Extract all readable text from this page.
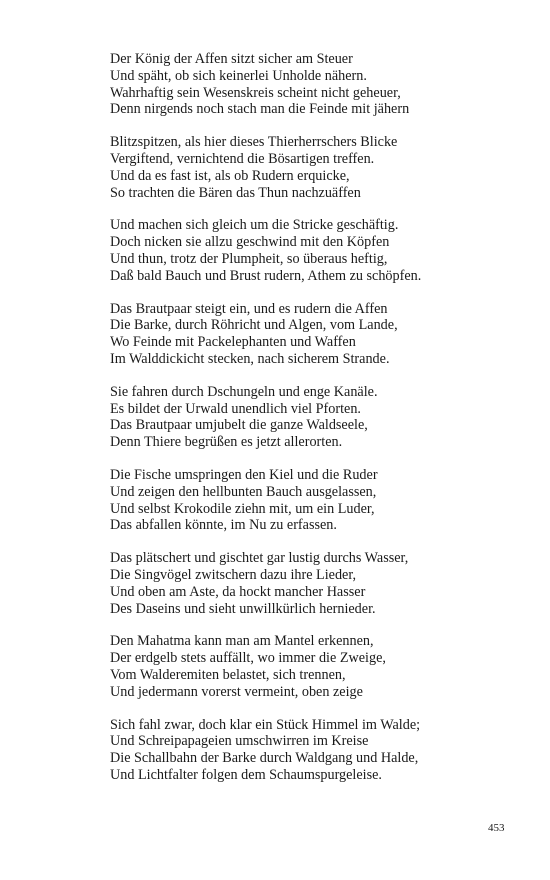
Der König der Affen sitzt sicher am Steuer
Und späht, ob sich keinerlei Unholde nähern.
Wahrhaftig sein Wesenskreis scheint nicht geheuer,
Denn nirgends noch stach man die Feinde mit jähern
Blitzspitzen, als hier dieses Thierherrschers Blicke
Vergiftend, vernichtend die Bösartigen treffen.
Und da es fast ist, als ob Rudern erquicke,
So trachten die Bären das Thun nachzuäffen
Und machen sich gleich um die Stricke geschäftig.
Doch nicken sie allzu geschwind mit den Köpfen
Und thun, trotz der Plumpheit, so überaus heftig,
Daß bald Bauch und Brust rudern, Athem zu schöpfen.
Das Brautpaar steigt ein, und es rudern die Affen
Die Barke, durch Röhricht und Algen, vom Lande,
Wo Feinde mit Packelephanten und Waffen
Im Walddickicht stecken, nach sicherem Strande.
Sie fahren durch Dschungeln und enge Kanäle.
Es bildet der Urwald unendlich viel Pforten.
Das Brautpaar umjubelt die ganze Waldseele,
Denn Thiere begrüßen es jetzt allerorten.
Die Fische umspringen den Kiel und die Ruder
Und zeigen den hellbunten Bauch ausgelassen,
Und selbst Krokodile ziehn mit, um ein Luder,
Das abfallen könnte, im Nu zu erfassen.
Das plätschert und gischtet gar lustig durchs Wasser,
Die Singvögel zwitschern dazu ihre Lieder,
Und oben am Aste, da hockt mancher Hasser
Des Daseins und sieht unwillkürlich hernieder.
Den Mahatma kann man am Mantel erkennen,
Der erdgelb stets auffällt, wo immer die Zweige,
Vom Walderemiten belastet, sich trennen,
Und jedermann vorerst vermeint, oben zeige
Sich fahl zwar, doch klar ein Stück Himmel im Walde;
Und Schreipapageien umschwirren im Kreise
Die Schallbahn der Barke durch Waldgang und Halde,
Und Lichtfalter folgen dem Schaumspurgeleise.
453
